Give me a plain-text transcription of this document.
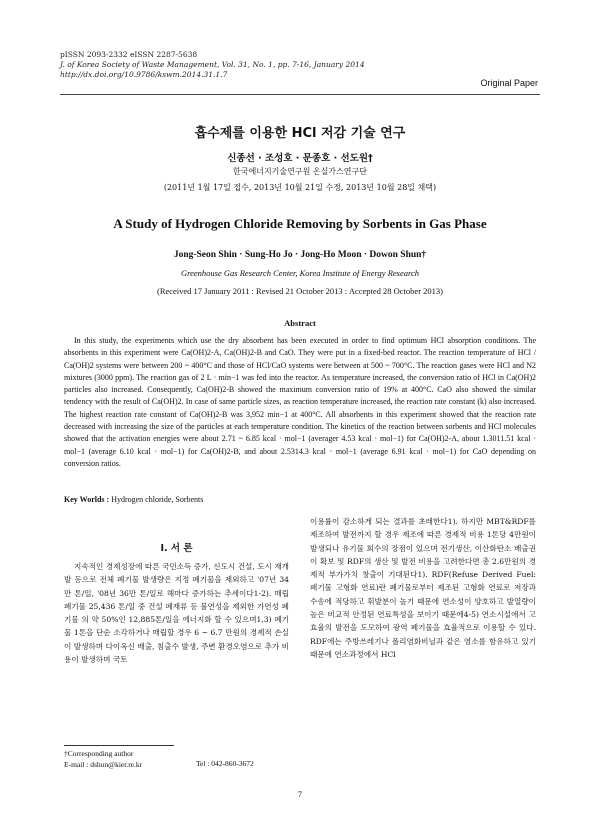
pISSN 2093-2332 eISSN 2287-5638
J. of Korea Society of Waste Management, Vol. 31, No. 1, pp. 7-16, January 2014
http://dx.doi.org/10.9786/kswm.2014.31.1.7
Original Paper
흡수제를 이용한 HCl 저감 기술 연구
신종선 · 조성호 · 문종호 · 선도원†
한국에너지기술연구원 온실가스연구단
(2011년 1월 17일 접수, 2013년 10월 21일 수정, 2013년 10월 28일 채택)
A Study of Hydrogen Chloride Removing by Sorbents in Gas Phase
Jong-Seon Shin · Sung-Ho Jo · Jong-Ho Moon · Dowon Shun†
Greenhouse Gas Research Center, Korea Institute of Energy Research
(Received 17 January 2011 : Revised 21 October 2013 : Accepted 28 October 2013)
Abstract
In this study, the experiments which use the dry absorbent has been executed in order to find optimum HCl absorption conditions. The absorbents in this experiment were Ca(OH)2-A, Ca(OH)2-B and CaO. They were put in a fixed-bed reactor. The reaction temperature of HCl / Ca(OH)2 systems were between 200 ~ 400°C and those of HCl/CaO systems were between at 500 ~ 700°C. The reaction gases were HCl and N2 mixtures (3000 ppm). The reaction gas of 2 L · min−1 was fed into the reactor. As temperature increased, the conversion ratio of HCl in Ca(OH)2 particles also increased. Consequently, Ca(OH)2-B showed the maximum conversion ratio of 19% at 400°C. CaO also showed the similar tendency with the result of Ca(OH)2. In case of same particle sizes, as reaction temperature increased, the reaction rate constant (k) also increased. The highest reaction rate constant of Ca(OH)2-B was 3,952 min−1 at 400°C. All absorbents in this experiment showed that the reaction rate decreased with increasing the size of the particles at each temperature condition. The kinetics of the reaction between sorbents and HCl molecules showed that the activation energies were about 2.71 ~ 6.85 kcal · mol−1 (averager 4.53 kcal · mol−1) for Ca(OH)2-A, about 1.3011.51 kcal · mol−1 (average 6.10 kcal · mol−1) for Ca(OH)2-B, and about 2.5314.3 kcal · mol−1 (average 6.91 kcal · mol−1) for CaO depending on conversion ratios.
Key Worlds : Hydrogen chloride, Sorbents
I. 서 론
지속적인 경제성장에 따른 국민소득 증가, 신도시 건설, 도시 재개발 등으로 전체 폐기물 발생량은 지정 폐기물을 제외하고 '07년 34만 톤/일, '08년 36만 톤/일로 해마다 증가하는 추세이다1-2). 매립폐기물 25,436 톤/일 중 건설 폐재류 등 불연성을 제외한 가연성 폐기물 의 약 50%인 12,885톤/일을 에너지화 할 수 있으며1,3) 폐기물 1톤을 단순 소각하거나 매립할 경우 6 ~ 6.7 만원의 경제적 손실이 발생하며 다이옥신 배출, 침출수 발생, 주변 환경오염으로 추가 비용이 발생하며 국토
이용률이 감소하게 되는 결과를 초래한다1). 하지만 MBT&RDF를 제조하여 발전까지 할 경우 제조에 따른 경제적 비용 1톤당 4만원이 발생되나 유기물 회수의 장점이 있으며 전기생산, 이산화탄소 배출권이 확보 및 RDF의 생산 및 발전 비용을 고려한다면 총 2.6만원의 경제적 부가가치 창출이 기대된다1). RDF(Refuse Derived Fuel: 폐기물 고형화 연료)란 폐기물로부터 제조된 고형화 연료로 저장과 수송에 적당하고 휘발분이 높기 때문에 연소성이 양호하고 발열량이 높은 비교적 안정된 연료특성을 보이기 때문에4-5) 연소시설에서 고효율의 발전을 도모하여 광역 폐기물을 효율적으로 이용할 수 있다. RDF에는 주방쓰레기나 폴리염화비닐과 같은 염소를 함유하고 있기 때문에 연소과정에서 HCl
†Corresponding author
E-mail : dshun@kier.re.kr	Tel : 042-860-3672
7
